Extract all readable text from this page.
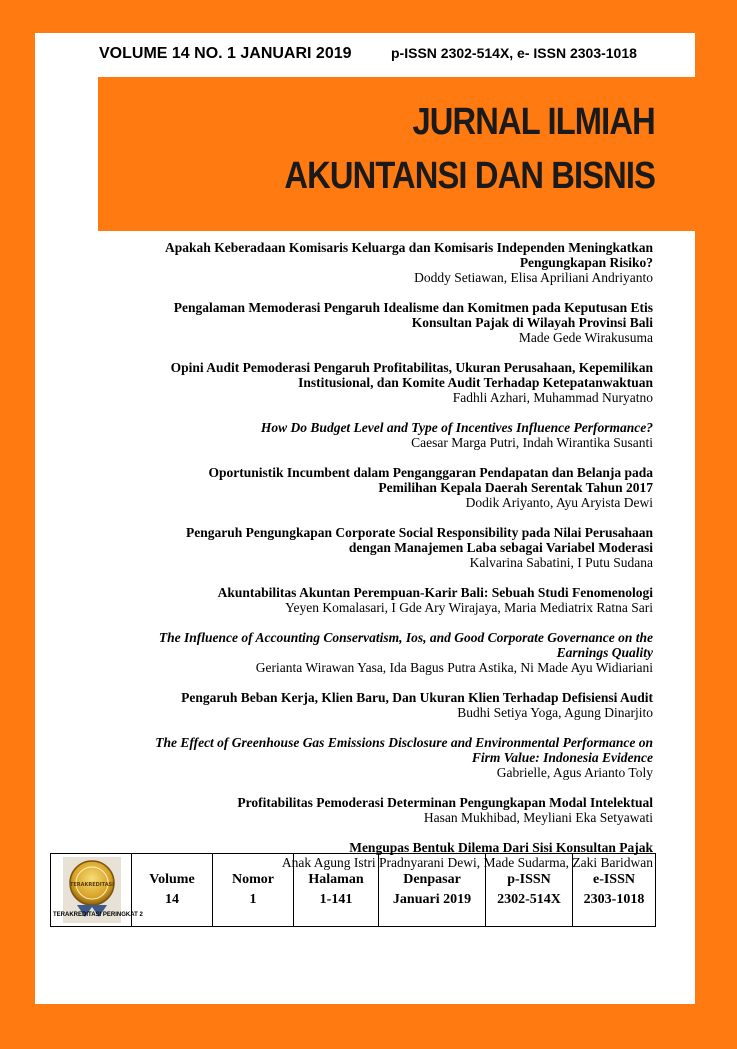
VOLUME 14 NO. 1 JANUARI 2019	p-ISSN 2302-514X, e- ISSN 2303-1018
JURNAL ILMIAH
AKUNTANSI DAN BISNIS
Apakah Keberadaan Komisaris Keluarga dan Komisaris Independen Meningkatkan Pengungkapan Risiko?
Doddy Setiawan, Elisa Apriliani Andriyanto
Pengalaman Memoderasi Pengaruh Idealisme dan Komitmen pada Keputusan Etis Konsultan Pajak di Wilayah Provinsi Bali
Made Gede Wirakusuma
Opini Audit Pemoderasi Pengaruh Profitabilitas, Ukuran Perusahaan, Kepemilikan Institusional, dan Komite Audit Terhadap Ketepatanwaktuan
Fadhli Azhari, Muhammad Nuryatno
How Do Budget Level and Type of Incentives Influence Performance?
Caesar Marga Putri, Indah Wirantika Susanti
Oportunistik Incumbent dalam Penganggaran Pendapatan dan Belanja pada Pemilihan Kepala Daerah Serentak Tahun 2017
Dodik Ariyanto, Ayu Aryista Dewi
Pengaruh Pengungkapan Corporate Social Responsibility pada Nilai Perusahaan dengan Manajemen Laba sebagai Variabel Moderasi
Kalvarina Sabatini, I Putu Sudana
Akuntabilitas Akuntan Perempuan-Karir Bali: Sebuah Studi Fenomenologi
Yeyen Komalasari, I Gde Ary Wirajaya, Maria Mediatrix Ratna Sari
The Influence of Accounting Conservatism, Ios, and Good Corporate Governance on the Earnings Quality
Gerianta Wirawan Yasa, Ida Bagus Putra Astika, Ni Made Ayu Widiariani
Pengaruh Beban Kerja, Klien Baru, Dan Ukuran Klien Terhadap Defisiensi Audit
Budhi Setiya Yoga, Agung Dinarjito
The Effect of Greenhouse Gas Emissions Disclosure and Environmental Performance on Firm Value: Indonesia Evidence
Gabrielle, Agus Arianto Toly
Profitabilitas Pemoderasi Determinan Pengungkapan Modal Intelektual
Hasan Mukhibad, Meyliani Eka Setyawati
Mengupas Bentuk Dilema Dari Sisi Konsultan Pajak
Anak Agung Istri Pradnyarani Dewi, Made Sudarma, Zaki Baridwan
TERAKREDITASI
TERAKREDITASI PERINGKAT 2
Volume
14
Nomor
1
Halaman
1-141
Denpasar
Januari 2019
p-ISSN
2302-514X
e-ISSN
2303-1018
